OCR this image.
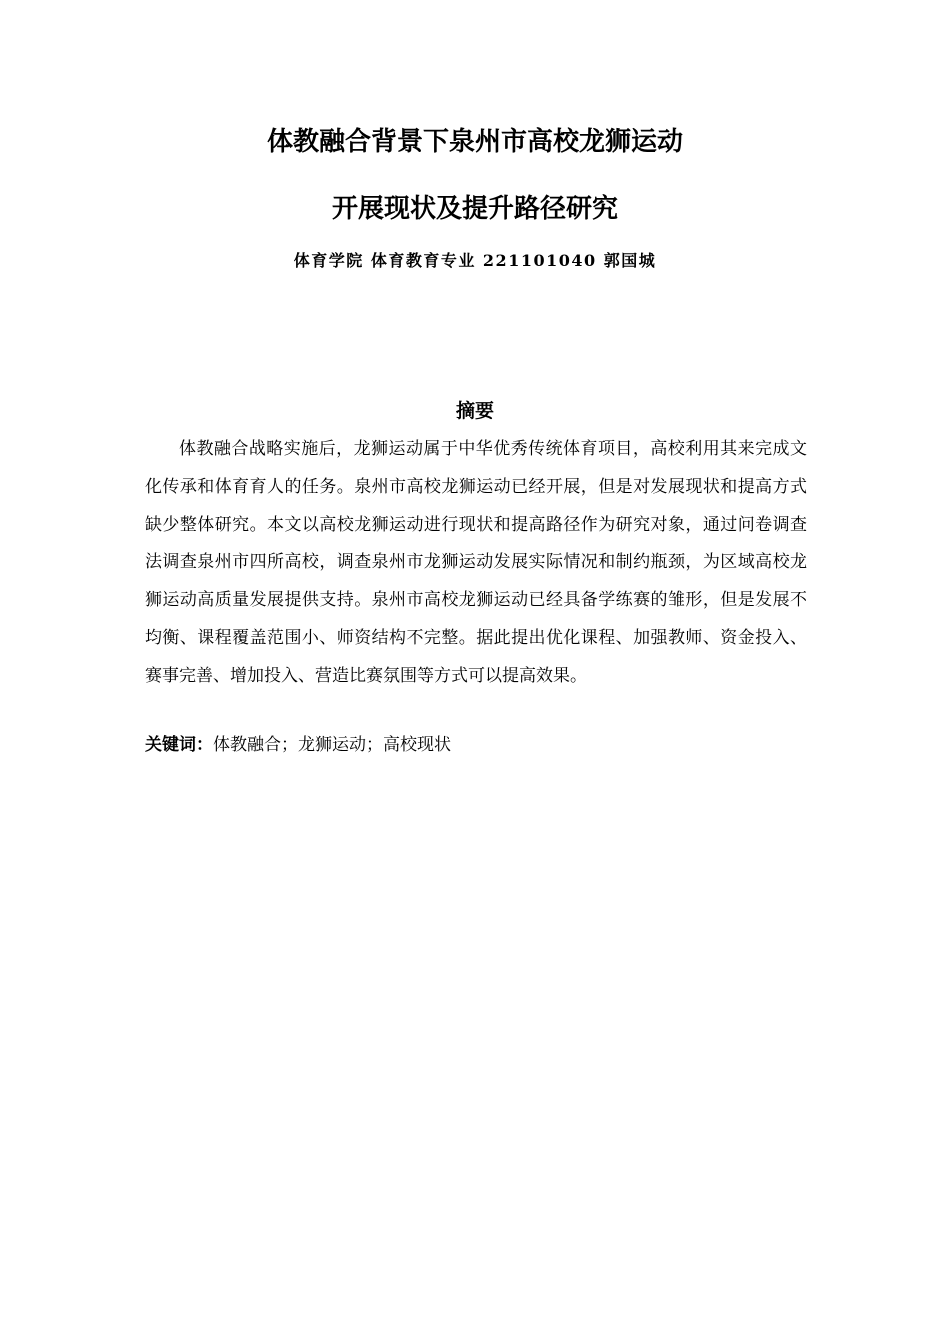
体教融合背景下泉州市高校龙狮运动
开展现状及提升路径研究
体育学院 体育教育专业 221101040 郭国城
摘要

体教融合战略实施后，龙狮运动属于中华优秀传统体育项目，高校利用其来完成文化传承和体育育人的任务。泉州市高校龙狮运动已经开展，但是对发展现状和提高方式缺少整体研究。本文以高校龙狮运动进行现状和提高路径作为研究对象，通过问卷调查法调查泉州市四所高校，调查泉州市龙狮运动发展实际情况和制约瓶颈，为区域高校龙狮运动高质量发展提供支持。泉州市高校龙狮运动已经具备学练赛的雏形，但是发展不均衡、课程覆盖范围小、师资结构不完整。据此提出优化课程、加强教师、资金投入、赛事完善、增加投入、营造比赛氛围等方式可以提高效果。

关键词：体教融合；龙狮运动；高校现状
